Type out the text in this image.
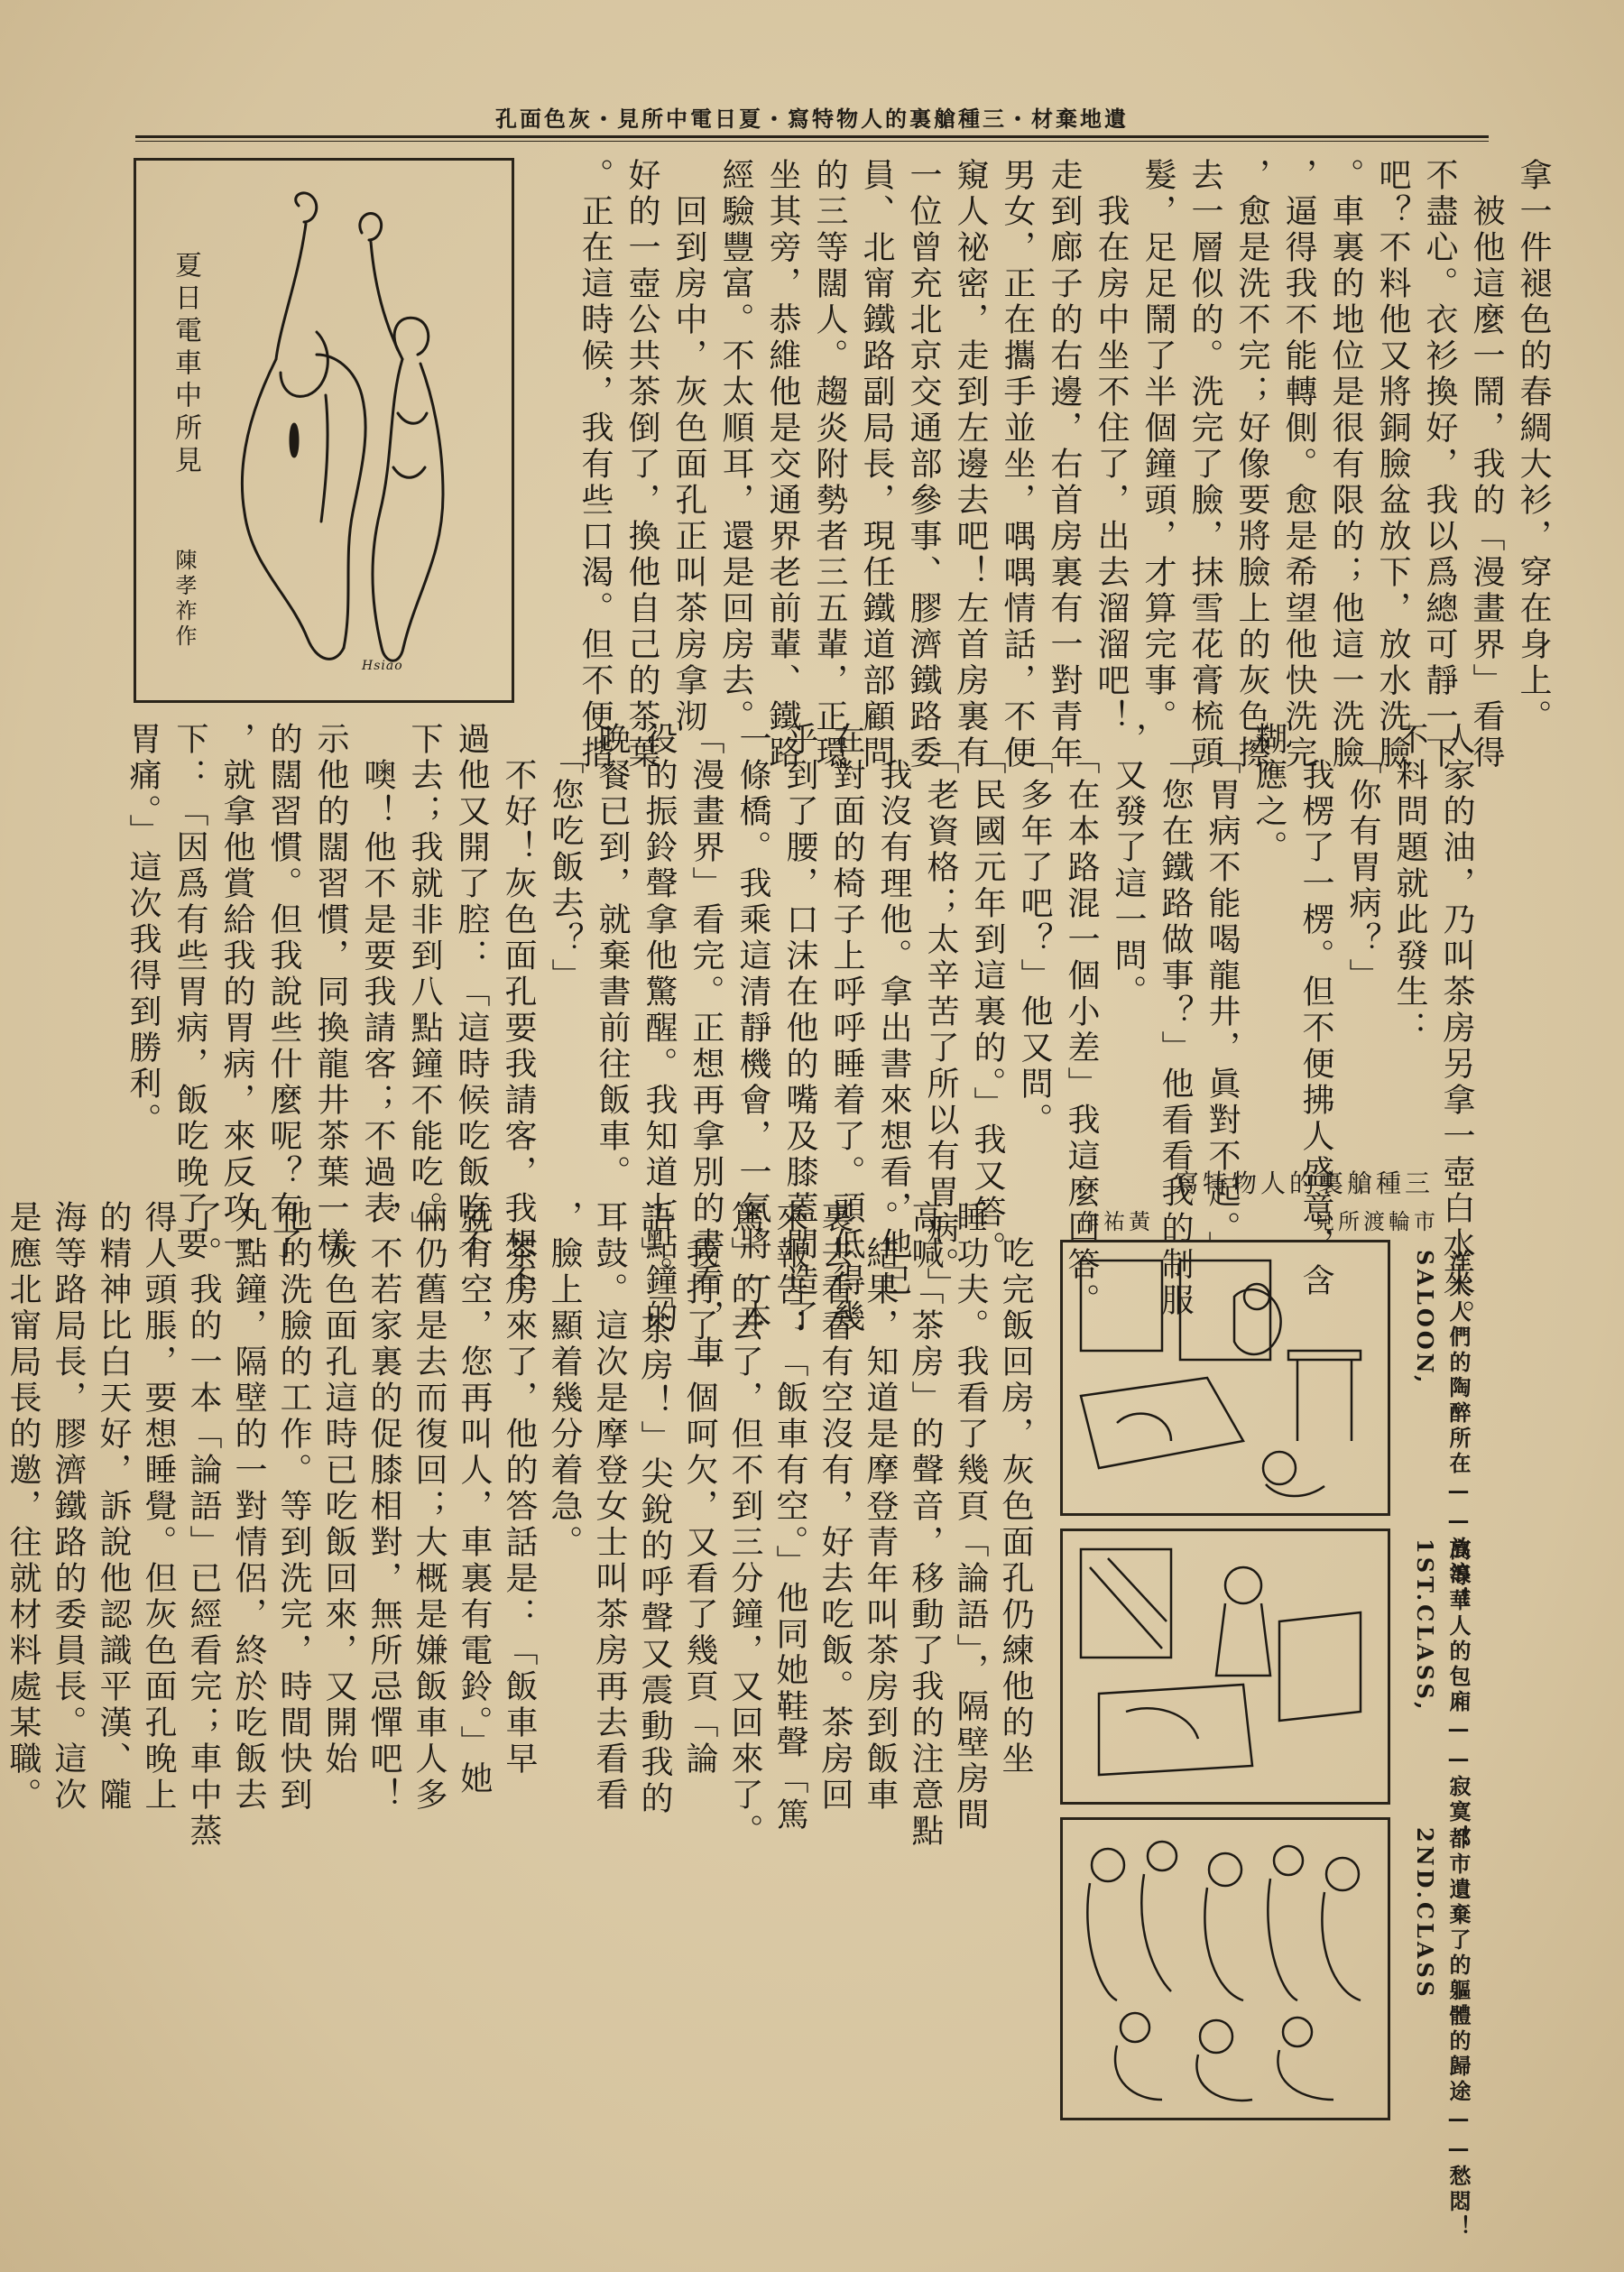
孔面色灰・見所中電日夏・寫特物人的裏艙種三・材棄地遺
夏日電車中所見
陳孝祚作
Hsiao	拿一件褪色的春綢大衫，穿在身上。
　被他這麼一鬧，我的「漫畫界」看得
不盡心。衣衫換好，我以爲總可靜一下
吧？不料他又將銅臉盆放下，放水洗臉
。車裏的地位是很有限的；他這一洗臉
，逼得我不能轉側。愈是希望他快洗完
，愈是洗不完；好像要將臉上的灰色擦
去一層似的。洗完了臉，抹雪花膏梳頭
髮，足足鬧了半個鐘頭，才算完事。
　我在房中坐不住了，出去溜溜吧！
走到廊子的右邊，右首房裏有一對青年
男女，正在攜手並坐，喁喁情話，不便
窺人祕密，走到左邊去吧！左首房裏有
一位曾充北京交通部參事、膠濟鐵路委
員、北甯鐵路副局長，現任鐵道部顧問
的三等闊人。趨炎附勢者三五輩，正環
坐其旁，恭維他是交通界老前輩、鐵路
經驗豐富。不太順耳，還是回房去。
　回到房中，灰色面孔正叫茶房拿沏
好的一壺公共茶倒了，換他自己的茶葉
。正在這時候，我有些口渴。但不便揩
人家的油，乃叫茶房另拿一壺白水來。
不料問題就此發生：
　「你有胃病？」
　我楞了一楞。但不便拂人盛意，含
糊應之。
　「胃病不能喝龍井，眞對不起。」
　「您在鐵路做事？」他看看我的制服
，又發了這一問。
　「在本路混一個小差」我這麼回答。
　「多年了吧？」他又問。
　「民國元年到這裏的。」我又答。
　「老資格；太辛苦了所以有胃病。」
　我沒有理他。拿出書來想看，他已
在對面的椅子上呼呼睡着了。頭低得幾
乎到了腰，口沫在他的嘴及膝蓋間造了
一條橋。我乘這清靜機會，一氣將一本
「漫畫界」看完。正想再拿別的書看，車
役的振鈴聲拿他驚醒。我知道七點鐘的
晚餐已到，就棄書前往飯車。
　「您吃飯去？」
　不好！灰色面孔要我請客，我想不
過他又開了腔：「這時候吃飯吃不
下去；我就非到八點鐘不能吃。」
　噢！他不是要我請客；不過表
示他的闊習慣，同換龍井茶葉一樣
的闊習慣。但我說些什麼呢？有了
，就拿他賞給我的胃病，來反攻一
下：「因爲有些胃病，飯吃晚了要
胃痛。」這次我得到勝利。
　吃完飯回房，灰色面孔仍練他的坐
睡功夫。我看了幾頁「論語」，隔壁房間
高喊「茶房」的聲音，移動了我的注意點
。結果，知道是摩登青年叫茶房到飯車
裏去看看有空沒有，好去吃飯。茶房回
來報告：「飯車有空。」他同她鞋聲「篤
篤」的去了，但不到三分鐘，又回來了。
　我打了一個呵欠，又看了幾頁「論
語」。「茶房！」尖銳的呼聲又震動我的
耳鼓。這次是摩登女士叫茶房再去看看
，臉上顯着幾分着急。
　茶房來了，他的答話是：「飯車早
就有空，您再叫人，車裏有電鈴。」她
倆仍舊是去而復回；大概是嫌飯車人多
，不若家裏的促膝相對，無所忌憚吧！
　灰色面孔這時已吃飯回來，又開始
他的洗臉的工作。等到洗完，時間快到
九點鐘，隔壁的一對情侶，終於吃飯去
了。我的一本「論語」已經看完；車中蒸
得人頭脹，要想睡覺。但灰色面孔晚上
的精神比白天好，訴說他認識平漢、隴
海等路局長，膠濟鐵路的委員長。這次
是應北甯局長的邀，往就材料處某職。

寫特物人的裏艙種三
見所渡輪市
作祐黃
SALOON, 洋大人們的陶醉所在——放浪！
1ST.CLASS, 高等華人的包廂——寂寞！
2ND.CLASS 都市遺棄了的軀體的歸途——愁悶！
